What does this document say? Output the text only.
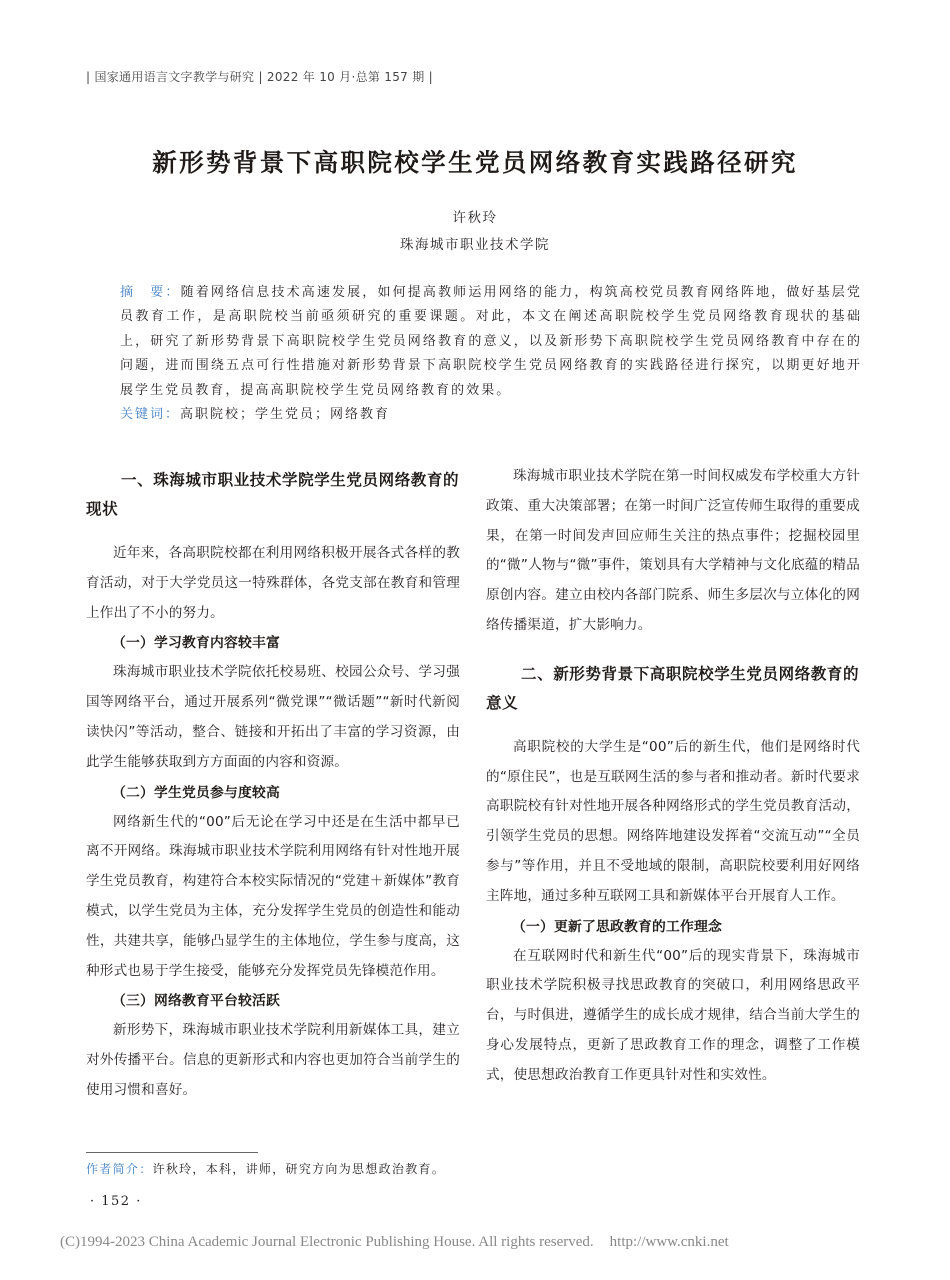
| 国家通用语言文字教学与研究 | 2022 年 10 月·总第 157 期 |
新形势背景下高职院校学生党员网络教育实践路径研究
许秋玲
珠海城市职业技术学院
摘　要：随着网络信息技术高速发展，如何提高教师运用网络的能力，构筑高校党员教育网络阵地，做好基层党员教育工作，是高职院校当前亟须研究的重要课题。对此，本文在阐述高职院校学生党员网络教育现状的基础上，研究了新形势背景下高职院校学生党员网络教育的意义，以及新形势下高职院校学生党员网络教育中存在的问题，进而围绕五点可行性措施对新形势背景下高职院校学生党员网络教育的实践路径进行探究，以期更好地开展学生党员教育，提高高职院校学生党员网络教育的效果。
关键词：高职院校；学生党员；网络教育

一、珠海城市职业技术学院学生党员网络教育的现状

近年来，各高职院校都在利用网络积极开展各式各样的教育活动，对于大学党员这一特殊群体，各党支部在教育和管理上作出了不小的努力。

（一）学习教育内容较丰富

珠海城市职业技术学院依托校易班、校园公众号、学习强国等网络平台，通过开展系列“微党课”“微话题”“新时代新阅读快闪”等活动，整合、链接和开拓出了丰富的学习资源，由此学生能够获取到方方面面的内容和资源。

（二）学生党员参与度较高

网络新生代的“00”后无论在学习中还是在生活中都早已离不开网络。珠海城市职业技术学院利用网络有针对性地开展学生党员教育，构建符合本校实际情况的“党建＋新媒体”教育模式，以学生党员为主体，充分发挥学生党员的创造性和能动性，共建共享，能够凸显学生的主体地位，学生参与度高，这种形式也易于学生接受，能够充分发挥党员先锋模范作用。

（三）网络教育平台较活跃

新形势下，珠海城市职业技术学院利用新媒体工具，建立对外传播平台。信息的更新形式和内容也更加符合当前学生的使用习惯和喜好。

珠海城市职业技术学院在第一时间权威发布学校重大方针政策、重大决策部署；在第一时间广泛宣传师生取得的重要成果，在第一时间发声回应师生关注的热点事件；挖掘校园里的“微”人物与“微”事件，策划具有大学精神与文化底蕴的精品原创内容。建立由校内各部门院系、师生多层次与立体化的网络传播渠道，扩大影响力。

二、新形势背景下高职院校学生党员网络教育的意义

高职院校的大学生是“00”后的新生代，他们是网络时代的“原住民”，也是互联网生活的参与者和推动者。新时代要求高职院校有针对性地开展各种网络形式的学生党员教育活动，引领学生党员的思想。网络阵地建设发挥着“交流互动”“全员参与”等作用，并且不受地域的限制，高职院校要利用好网络主阵地，通过多种互联网工具和新媒体平台开展育人工作。

（一）更新了思政教育的工作理念

在互联网时代和新生代“00”后的现实背景下，珠海城市职业技术学院积极寻找思政教育的突破口，利用网络思政平台，与时俱进，遵循学生的成长成才规律，结合当前大学生的身心发展特点，更新了思政教育工作的理念，调整了工作模式，使思想政治教育工作更具针对性和实效性。

作者简介：许秋玲，本科，讲师，研究方向为思想政治教育。
· 152 ·
(C)1994-2023 China Academic Journal Electronic Publishing House. All rights reserved. http://www.cnki.net
